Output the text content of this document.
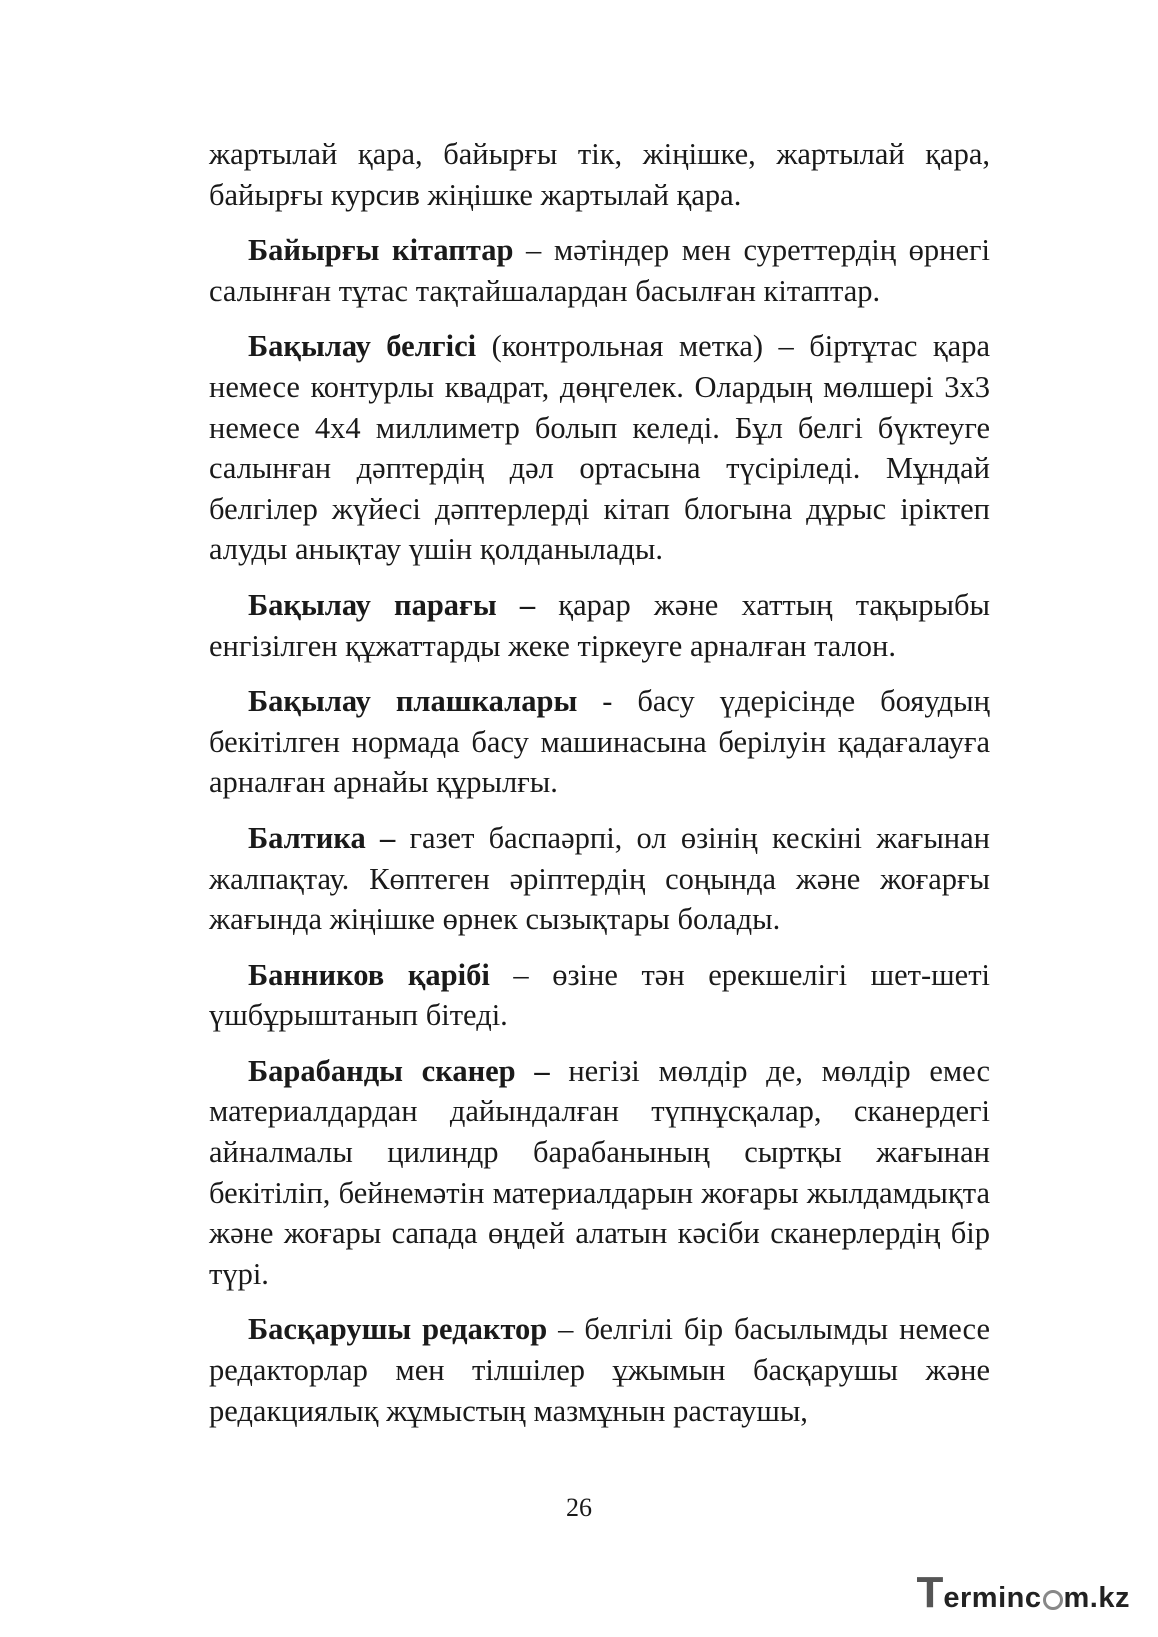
жартылай қара, байырғы тік, жіңішке, жартылай қара, байырғы курсив жіңішке жартылай қара.

Байырғы кітаптар – мәтіндер мен суреттердің өрнегі салынған тұтас тақтайшалардан басылған кітаптар.

Бақылау белгісі (контрольная метка) – біртұтас қара немесе контурлы квадрат, дөңгелек. Олардың мөлшері 3х3 немесе 4х4 миллиметр болып келеді. Бұл белгі бүктеуге салынған дәптердің дәл ортасына түсіріледі. Мұндай белгілер жүйесі дәптерлерді кітап блогына дұрыс іріктеп алуды анықтау үшін қолданылады.

Бақылау парағы – қарар және хаттың тақырыбы енгізілген құжаттарды жеке тіркеуге арналған талон.

Бақылау плашкалары - басу үдерісінде бояудың бекітілген нормада басу машинасына берілуін қадағалауға арналған арнайы құрылғы.

Балтика – газет баспаәрпі, ол өзінің кескіні жағынан жалпақтау. Көптеген әріптердің соңында және жоғарғы жағында жіңішке өрнек сызықтары болады.

Банников қарібі – өзіне тән ерекшелігі шет-шеті үшбұрыштанып бітеді.

Барабанды сканер – негізі мөлдір де, мөлдір емес материалдардан дайындалған түпнұсқалар, сканердегі айналмалы цилиндр барабанының сыртқы жағынан бекітіліп, бейнемәтін материалдарын жоғары жылдамдықта және жоғары сапада өңдей алатын кәсіби сканерлердің бір түрі.

Басқарушы редактор – белгілі бір басылымды немесе редакторлар мен тілшілер ұжымын басқарушы және редакциялық жұмыстың мазмұнын растаушы,

26
T erminc m . kz
